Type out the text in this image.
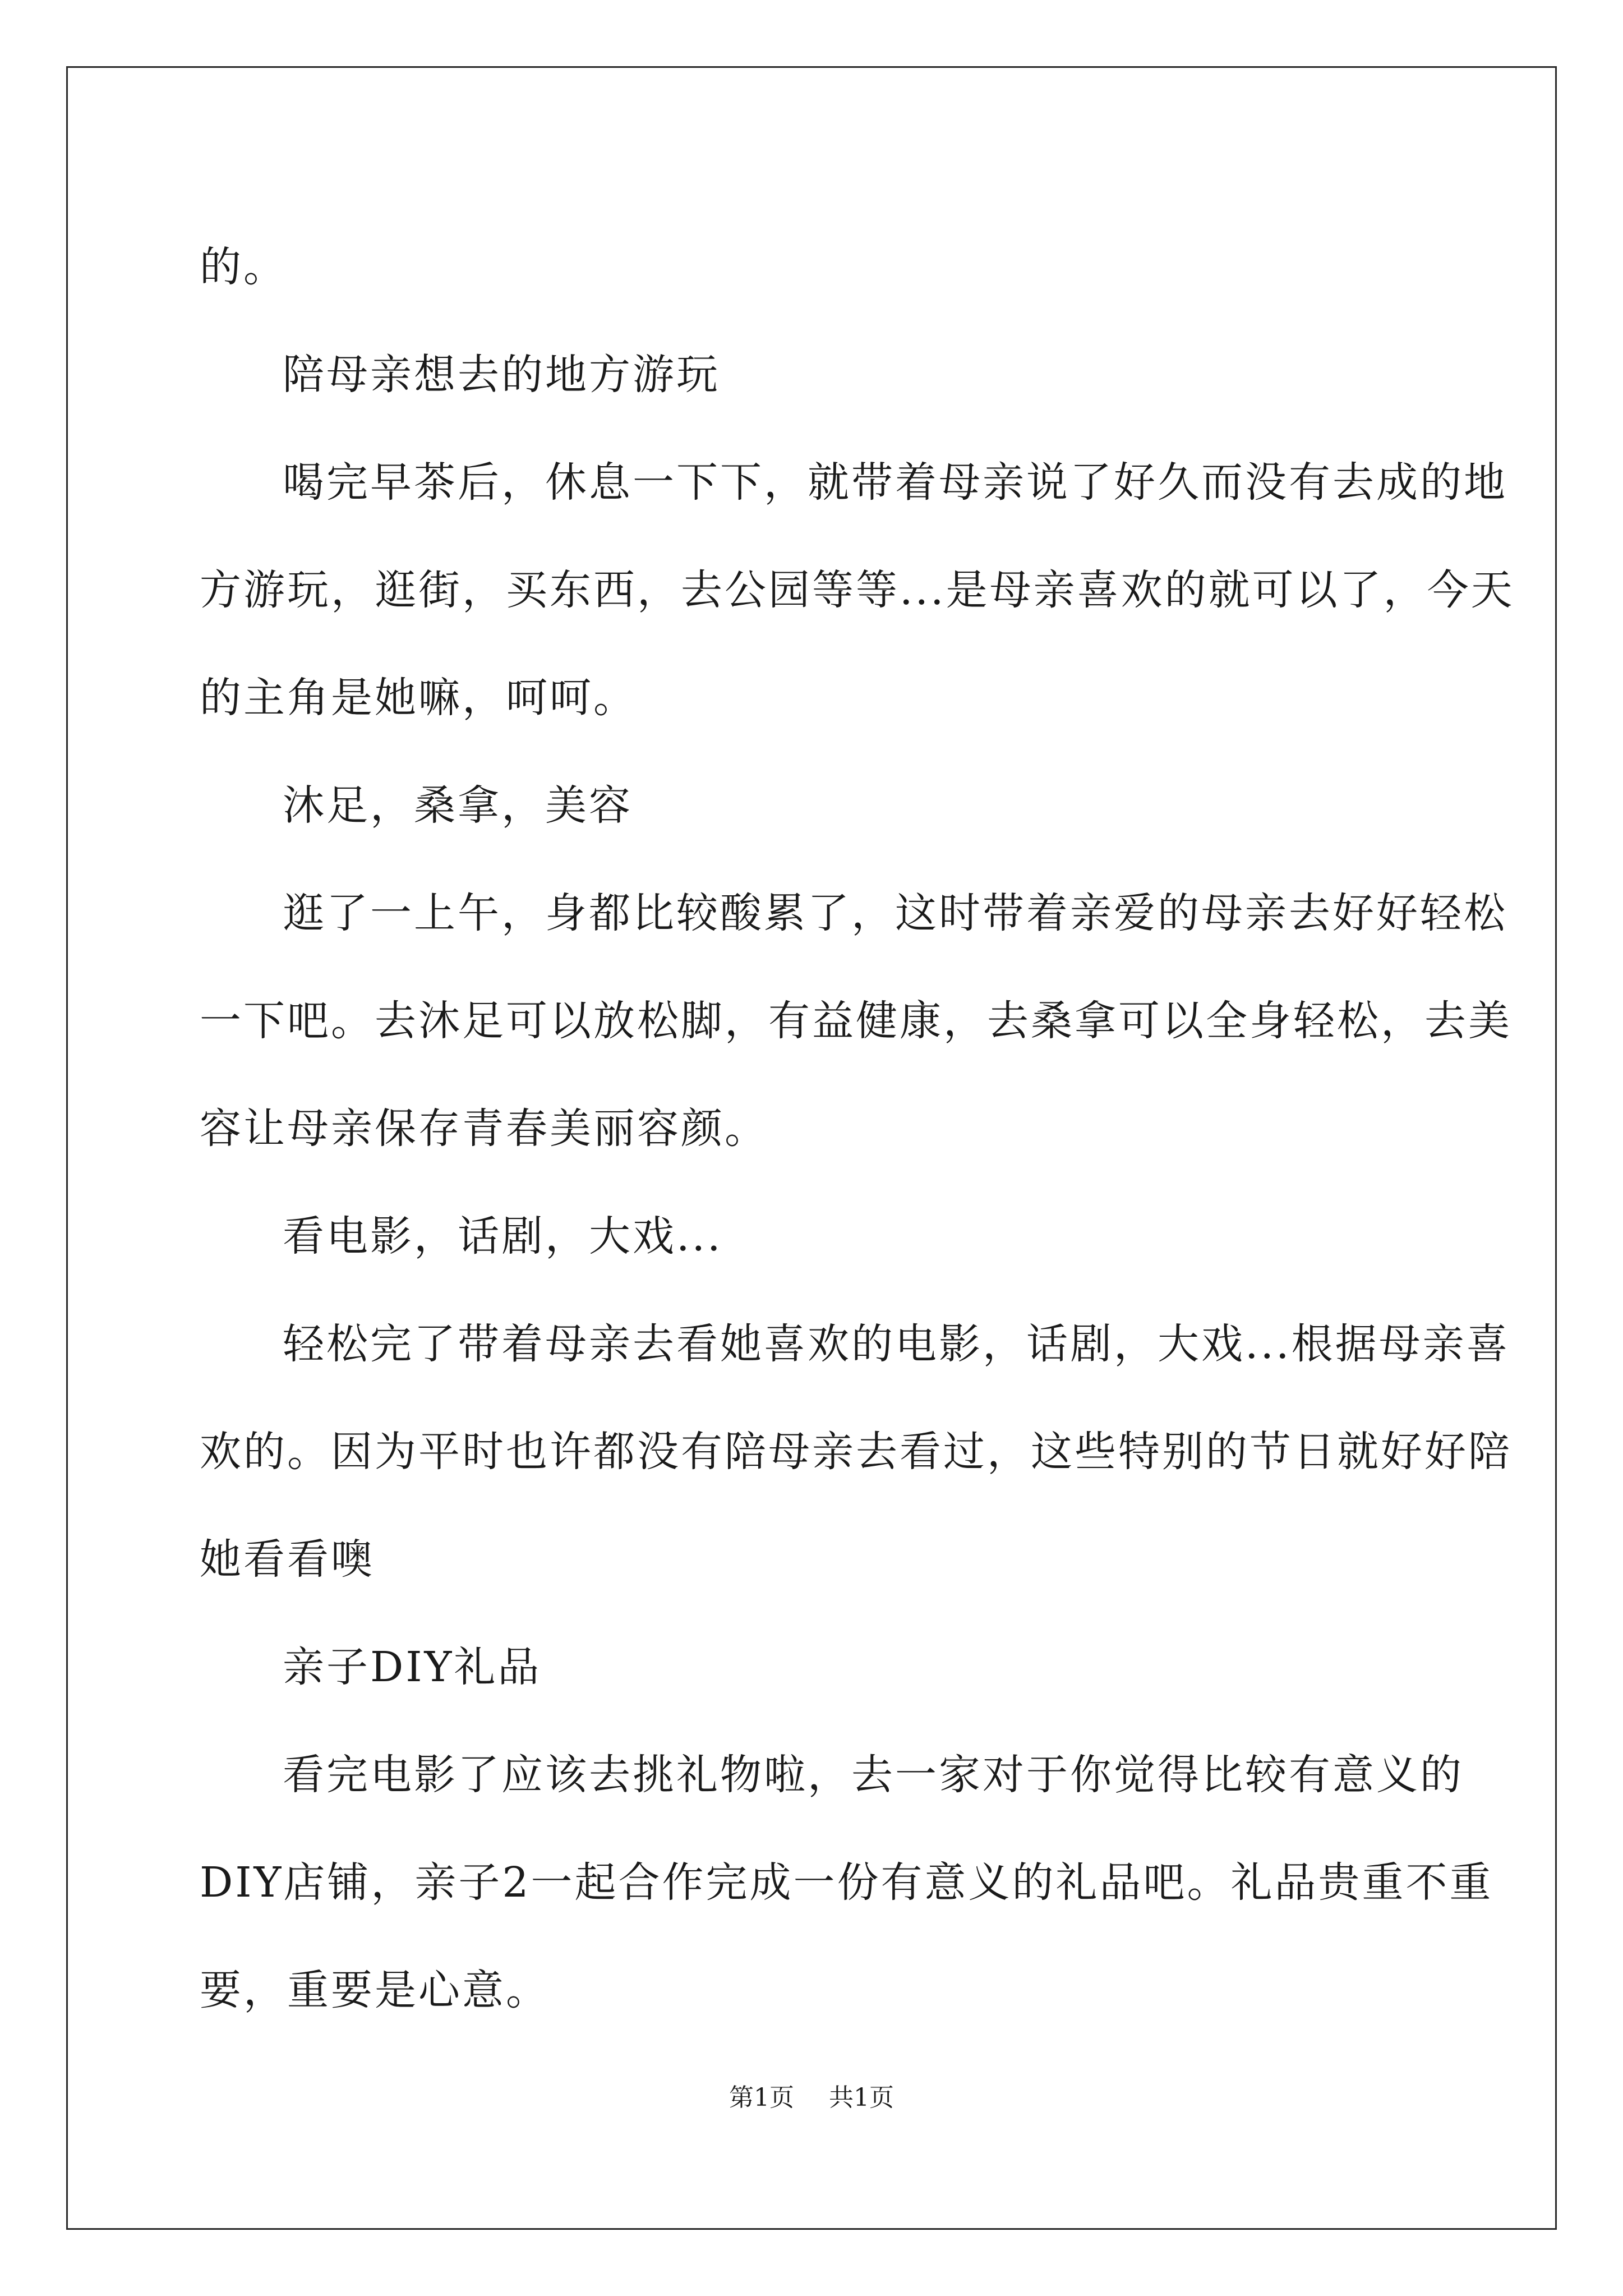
的。

陪母亲想去的地方游玩

喝完早茶后，休息一下下，就带着母亲说了好久而没有去成的地

方游玩，逛街，买东西，去公园等等...是母亲喜欢的就可以了，今天

的主角是她嘛，呵呵。

沐足，桑拿，美容

逛了一上午，身都比较酸累了，这时带着亲爱的母亲去好好轻松

一下吧。去沐足可以放松脚，有益健康，去桑拿可以全身轻松，去美

容让母亲保存青春美丽容颜。

看电影，话剧，大戏...

轻松完了带着母亲去看她喜欢的电影，话剧，大戏...根据母亲喜

欢的。因为平时也许都没有陪母亲去看过，这些特别的节日就好好陪

她看看噢

亲子DIY礼品

看完电影了应该去挑礼物啦，去一家对于你觉得比较有意义的

DIY店铺，亲子2一起合作完成一份有意义的礼品吧。礼品贵重不重

要，重要是心意。

第1页 共1页
